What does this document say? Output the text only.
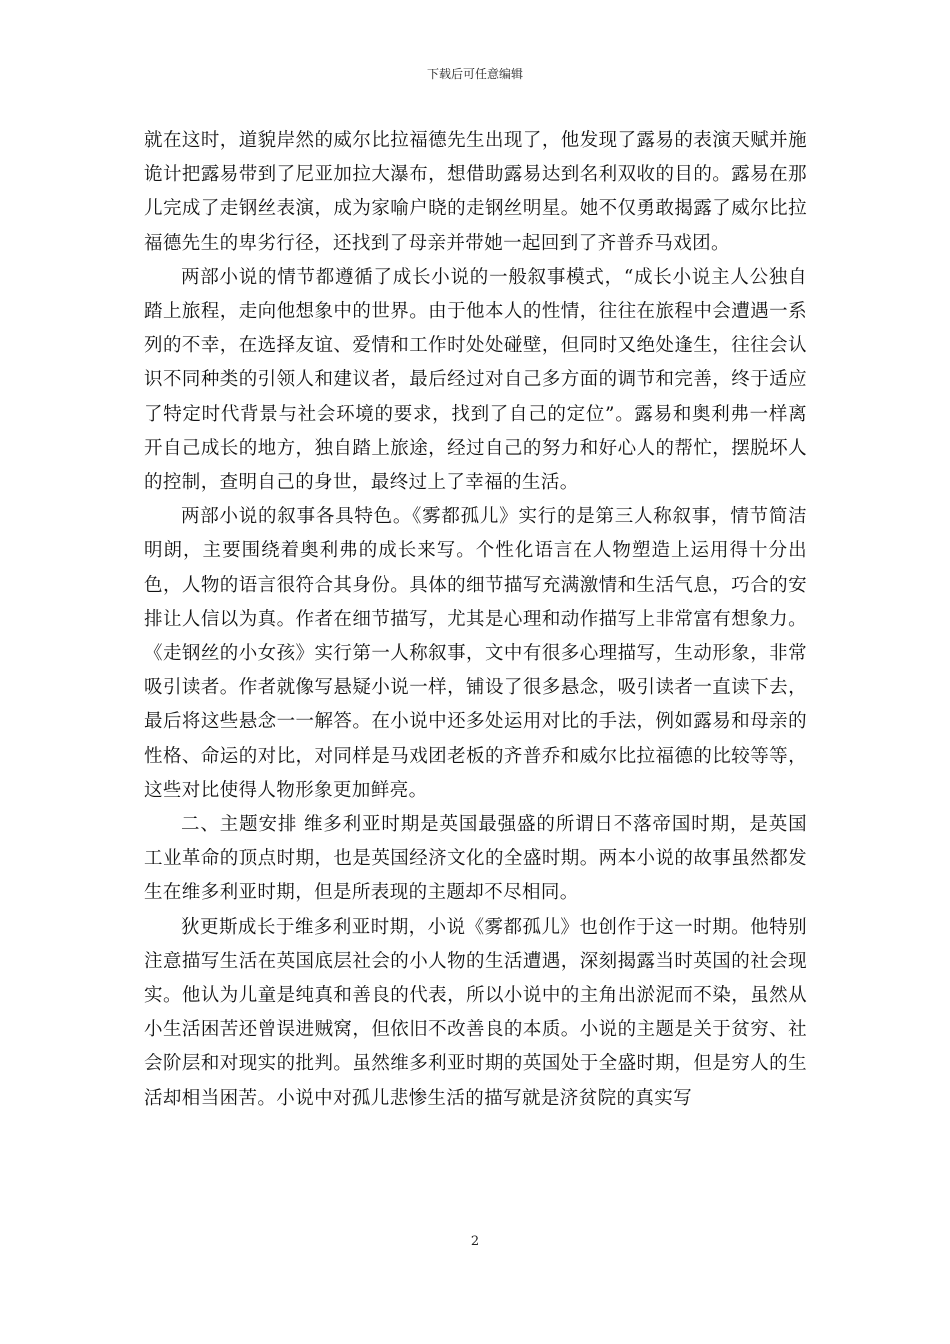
下载后可任意编辑

就在这时，道貌岸然的威尔比拉福德先生出现了，他发现了露易的表演天赋并施诡计把露易带到了尼亚加拉大瀑布，想借助露易达到名利双收的目的。露易在那儿完成了走钢丝表演，成为家喻户晓的走钢丝明星。她不仅勇敢揭露了威尔比拉福德先生的卑劣行径，还找到了母亲并带她一起回到了齐普乔马戏团。

两部小说的情节都遵循了成长小说的一般叙事模式，“成长小说主人公独自踏上旅程，走向他想象中的世界。由于他本人的性情，往往在旅程中会遭遇一系列的不幸，在选择友谊、爱情和工作时处处碰壁，但同时又绝处逢生，往往会认识不同种类的引领人和建议者，最后经过对自己多方面的调节和完善，终于适应了特定时代背景与社会环境的要求，找到了自己的定位”。露易和奥利弗一样离开自己成长的地方，独自踏上旅途，经过自己的努力和好心人的帮忙，摆脱坏人的控制，查明自己的身世，最终过上了幸福的生活。

两部小说的叙事各具特色。《雾都孤儿》实行的是第三人称叙事，情节简洁明朗，主要围绕着奥利弗的成长来写。个性化语言在人物塑造上运用得十分出色，人物的语言很符合其身份。具体的细节描写充满激情和生活气息，巧合的安排让人信以为真。作者在细节描写，尤其是心理和动作描写上非常富有想象力。《走钢丝的小女孩》实行第一人称叙事，文中有很多心理描写，生动形象，非常吸引读者。作者就像写悬疑小说一样，铺设了很多悬念，吸引读者一直读下去，最后将这些悬念一一解答。在小说中还多处运用对比的手法，例如露易和母亲的性格、命运的对比，对同样是马戏团老板的齐普乔和威尔比拉福德的比较等等，这些对比使得人物形象更加鲜亮。

二、主题安排 维多利亚时期是英国最强盛的所谓日不落帝国时期，是英国工业革命的顶点时期，也是英国经济文化的全盛时期。两本小说的故事虽然都发生在维多利亚时期，但是所表现的主题却不尽相同。

狄更斯成长于维多利亚时期，小说《雾都孤儿》也创作于这一时期。他特别注意描写生活在英国底层社会的小人物的生活遭遇，深刻揭露当时英国的社会现实。他认为儿童是纯真和善良的代表，所以小说中的主角出淤泥而不染，虽然从小生活困苦还曾误进贼窝，但依旧不改善良的本质。小说的主题是关于贫穷、社会阶层和对现实的批判。虽然维多利亚时期的英国处于全盛时期，但是穷人的生活却相当困苦。小说中对孤儿悲惨生活的描写就是济贫院的真实写

2
